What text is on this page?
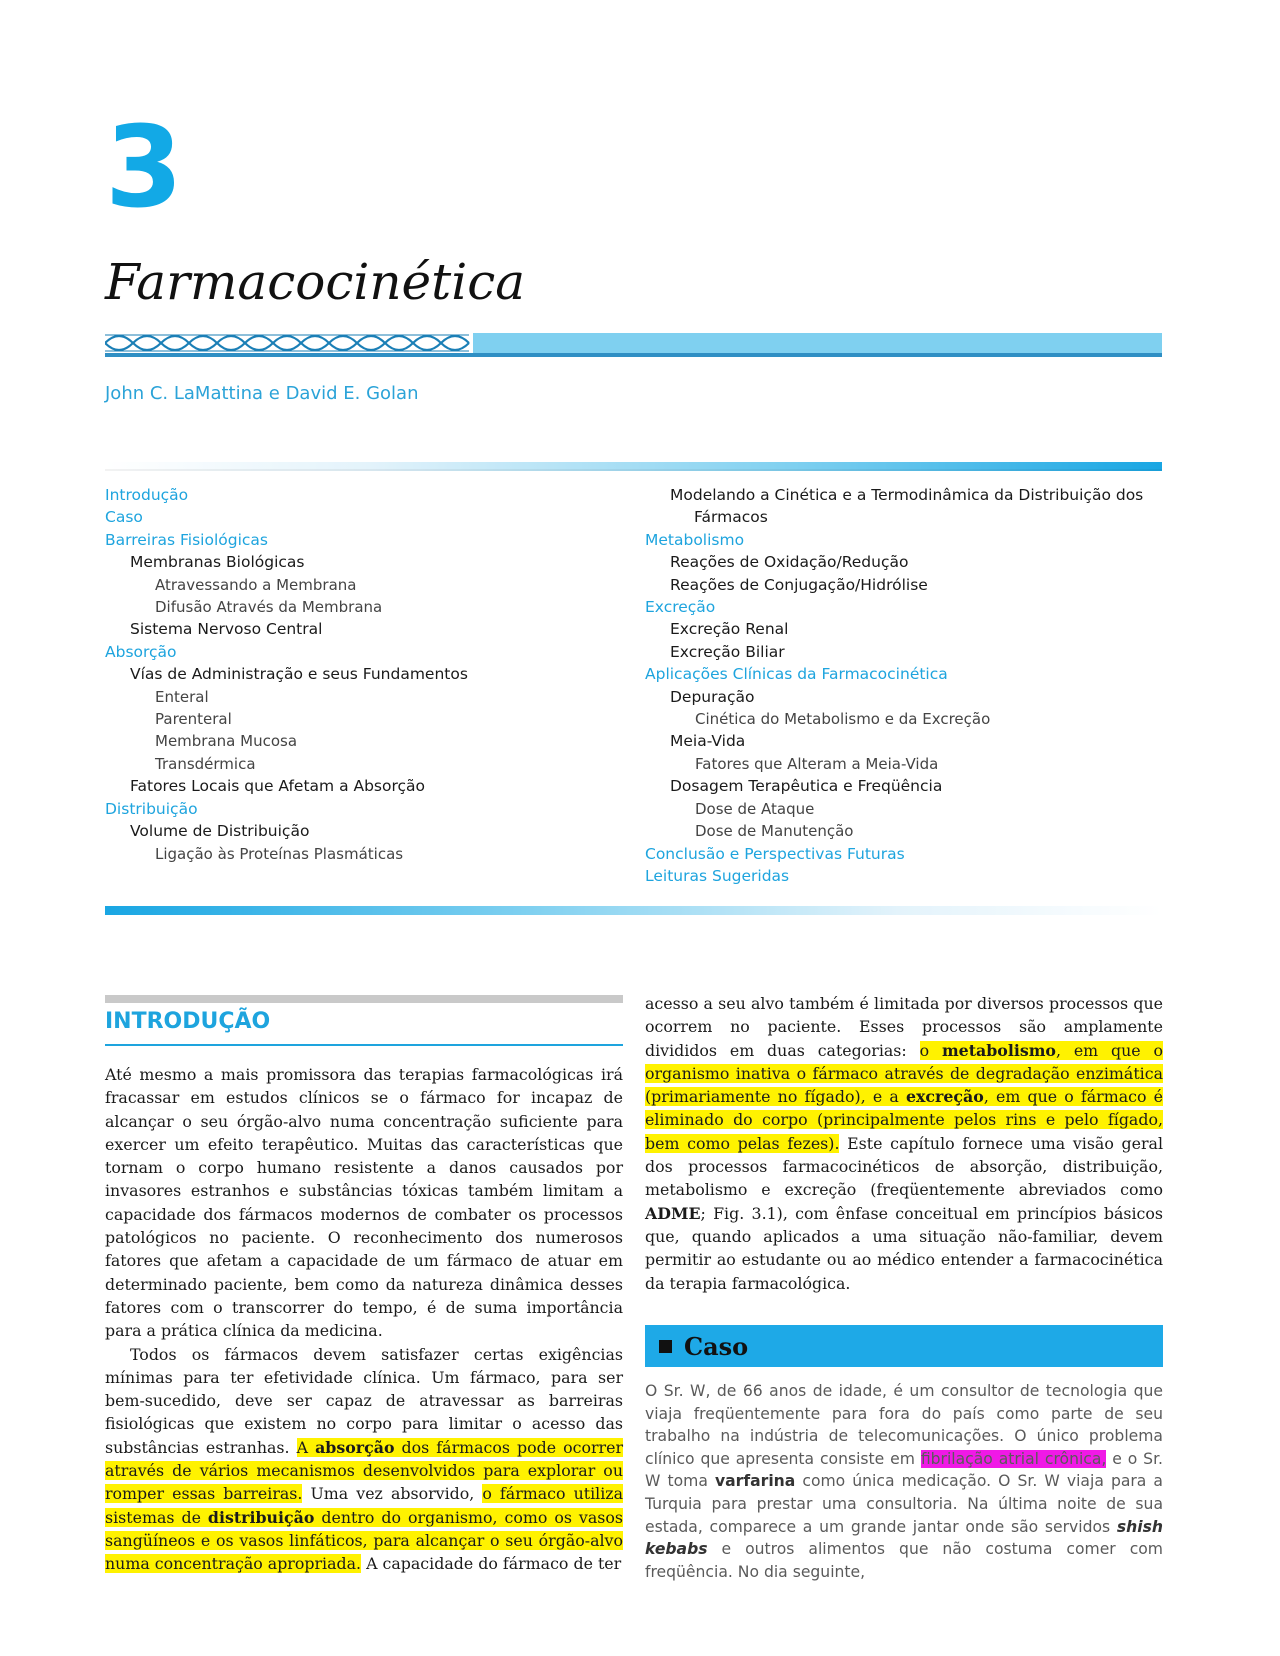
3
Farmacocinética
John C. LaMattina e David E. Golan
Introdução
Caso
Barreiras Fisiológicas
Membranas Biológicas
Atravessando a Membrana
Difusão Através da Membrana
Sistema Nervoso Central
Absorção
Vías de Administração e seus Fundamentos
Enteral
Parenteral
Membrana Mucosa
Transdérmica
Fatores Locais que Afetam a Absorção
Distribuição
Volume de Distribuição
Ligação às Proteínas Plasmáticas
Modelando a Cinética e a Termodinâmica da Distribuição dos
Fármacos
Metabolismo
Reações de Oxidação/Redução
Reações de Conjugação/Hidrólise
Excreção
Excreção Renal
Excreção Biliar
Aplicações Clínicas da Farmacocinética
Depuração
Cinética do Metabolismo e da Excreção
Meia-Vida
Fatores que Alteram a Meia-Vida
Dosagem Terapêutica e Freqüência
Dose de Ataque
Dose de Manutenção
Conclusão e Perspectivas Futuras
Leituras Sugeridas
INTRODUÇÃO

Até mesmo a mais promissora das terapias farmacológicas irá fracassar em estudos clínicos se o fármaco for incapaz de alcançar o seu órgão-alvo numa concentração suficiente para exercer um efeito terapêutico. Muitas das características que tornam o corpo humano resistente a danos causados por invasores estranhos e substâncias tóxicas também limitam a capacidade dos fármacos modernos de combater os processos patológicos no paciente. O reconhecimento dos numerosos fatores que afetam a capacidade de um fármaco de atuar em determinado paciente, bem como da natureza dinâmica desses fatores com o transcorrer do tempo, é de suma importância para a prática clínica da medicina.

Todos os fármacos devem satisfazer certas exigências mínimas para ter efetividade clínica. Um fármaco, para ser bem-sucedido, deve ser capaz de atravessar as barreiras fisiológicas que existem no corpo para limitar o acesso das substâncias estranhas. A absorção dos fármacos pode ocorrer através de vários mecanismos desenvolvidos para explorar ou romper essas barreiras. Uma vez absorvido, o fármaco utiliza sistemas de distribuição dentro do organismo, como os vasos sangüíneos e os vasos linfáticos, para alcançar o seu órgão-alvo numa concentração apropriada. A capacidade do fármaco de ter

acesso a seu alvo também é limitada por diversos processos que ocorrem no paciente. Esses processos são amplamente divididos em duas categorias: o metabolismo, em que o organismo inativa o fármaco através de degradação enzimática (primariamente no fígado), e a excreção, em que o fármaco é eliminado do corpo (principalmente pelos rins e pelo fígado, bem como pelas fezes). Este capítulo fornece uma visão geral dos processos farmacocinéticos de absorção, distribuição, metabolismo e excreção (freqüentemente abreviados como ADME; Fig. 3.1), com ênfase conceitual em princípios básicos que, quando aplicados a uma situação não-familiar, devem permitir ao estudante ou ao médico entender a farmacocinética da terapia farmacológica.

Caso
O Sr. W, de 66 anos de idade, é um consultor de tecnologia que viaja freqüentemente para fora do país como parte de seu trabalho na indústria de telecomunicações. O único problema clínico que apresenta consiste em fibrilação atrial crônica, e o Sr. W toma varfarina como única medicação. O Sr. W viaja para a Turquia para prestar uma consultoria. Na última noite de sua estada, comparece a um grande jantar onde são servidos shish kebabs e outros alimentos que não costuma comer com freqüência. No dia seguinte,
